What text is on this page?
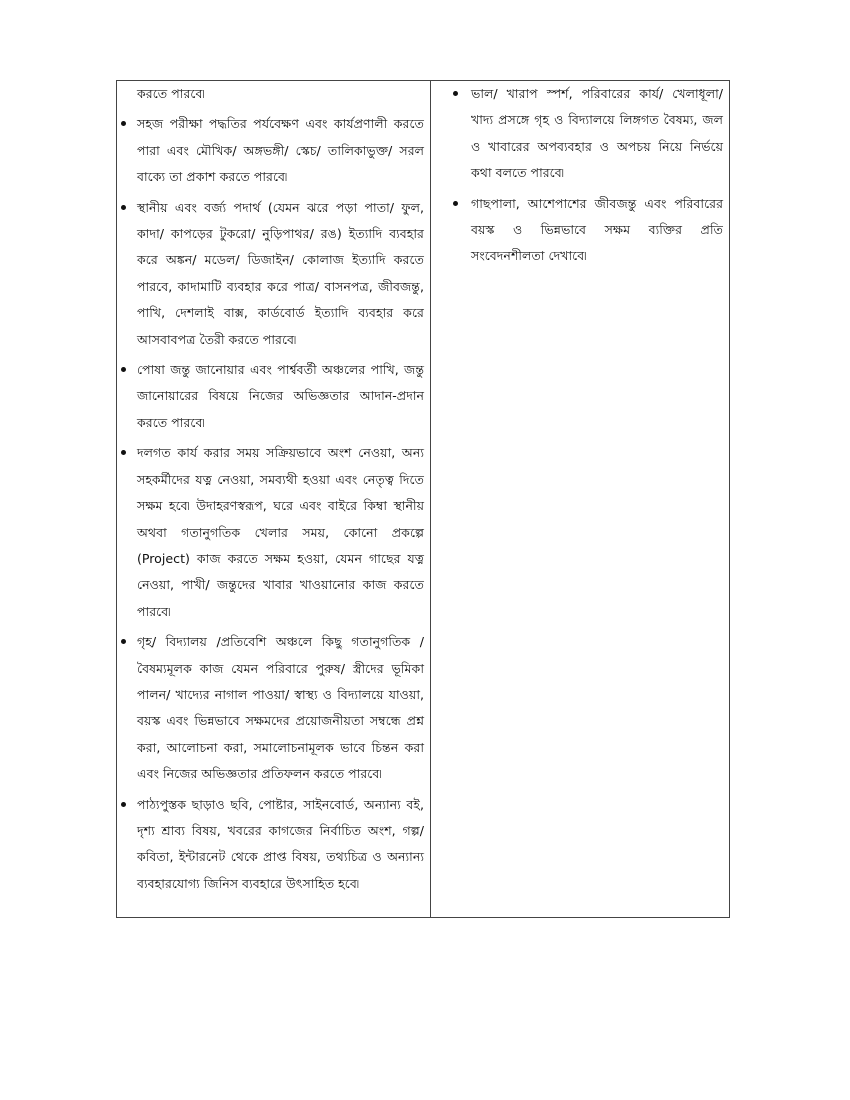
করতে পারবে৷

সহজ পরীক্ষা পদ্ধতির পর্যবেক্ষণ এবং কার্যপ্রণালী করতে পারা এবং মৌখিক/ অঙ্গভঙ্গী/ স্কেচ/ তালিকাভুক্ত/ সরল বাক্যে তা প্রকাশ করতে পারবে৷
স্থানীয় এবং বর্জ্য পদার্থ (যেমন ঝরে পড়া পাতা/ ফুল, কাদা/ কাপড়ের টুকরো/ নুড়িপাথর/ রঙ) ইত্যাদি ব্যবহার করে অঙ্কন/ মডেল/ ডিজাইন/ কোলাজ ইত্যাদি করতে পারবে, কাদামাটি ব্যবহার করে পাত্র/ বাসনপত্র, জীবজন্তু, পাখি, দেশলাই বাক্স, কার্ডবোর্ড ইত্যাদি ব্যবহার করে আসবাবপত্র তৈরী করতে পারবে৷
পোষা জন্তু জানোয়ার এবং পার্শ্ববর্তী অঞ্চলের পাখি, জন্তু জানোয়ারের বিষয়ে নিজের অভিজ্ঞতার আদান-প্রদান করতে পারবে৷
দলগত কার্য করার সময় সক্রিয়ভাবে অংশ নেওয়া, অন্য সহকর্মীদের যত্ন নেওয়া, সমব্যথী হওয়া এবং নেতৃত্ব দিতে সক্ষম হবে৷ উদাহরণস্বরূপ, ঘরে এবং বাইরে কিম্বা স্থানীয় অথবা গতানুগতিক খেলার সময়, কোনো প্রকল্পে (Project) কাজ করতে সক্ষম হওয়া, যেমন গাছের যত্ন নেওয়া, পাখী/ জন্তুদের খাবার খাওয়ানোর কাজ করতে পারবে৷
গৃহ/ বিদ্যালয় /প্রতিবেশি অঞ্চলে কিছু গতানুগতিক / বৈষম্যমূলক কাজ যেমন পরিবারে পুরুষ/ স্ত্রীদের ভূমিকা পালন/ খাদ্যের নাগাল পাওয়া/ স্বাস্থ্য ও বিদ্যালয়ে যাওয়া, বয়স্ক এবং ভিন্নভাবে সক্ষমদের প্রয়োজনীয়তা সম্বন্ধে প্রশ্ন করা, আলোচনা করা, সমালোচনামূলক ভাবে চিন্তন করা এবং নিজের অভিজ্ঞতার প্রতিফলন করতে পারবে৷
পাঠ্যপুস্তক ছাড়াও ছবি, পোষ্টার, সাইনবোর্ড, অন্যান্য বই, দৃশ্য শ্রাব্য বিষয়, খবরের কাগজের নির্বাচিত অংশ, গল্প/ কবিতা, ইন্টারনেট থেকে প্রাপ্ত বিষয়, তথ্যচিত্র ও অন্যান্য ব্যবহারযোগ্য জিনিস ব্যবহারে উৎসাহিত হবে৷
ভাল/ খারাপ স্পর্শ, পরিবারের কার্য/ খেলাধূলা/ খাদ্য প্রসঙ্গে গৃহ ও বিদ্যালয়ে লিঙ্গগত বৈষম্য, জল ও খাবারের অপব্যবহার ও অপচয় নিয়ে নির্ভয়ে কথা বলতে পারবে৷
গাছপালা, আশেপাশের জীবজন্তু এবং পরিবারের বয়স্ক ও ভিন্নভাবে সক্ষম ব্যক্তির প্রতি সংবেদনশীলতা দেখাবে৷
